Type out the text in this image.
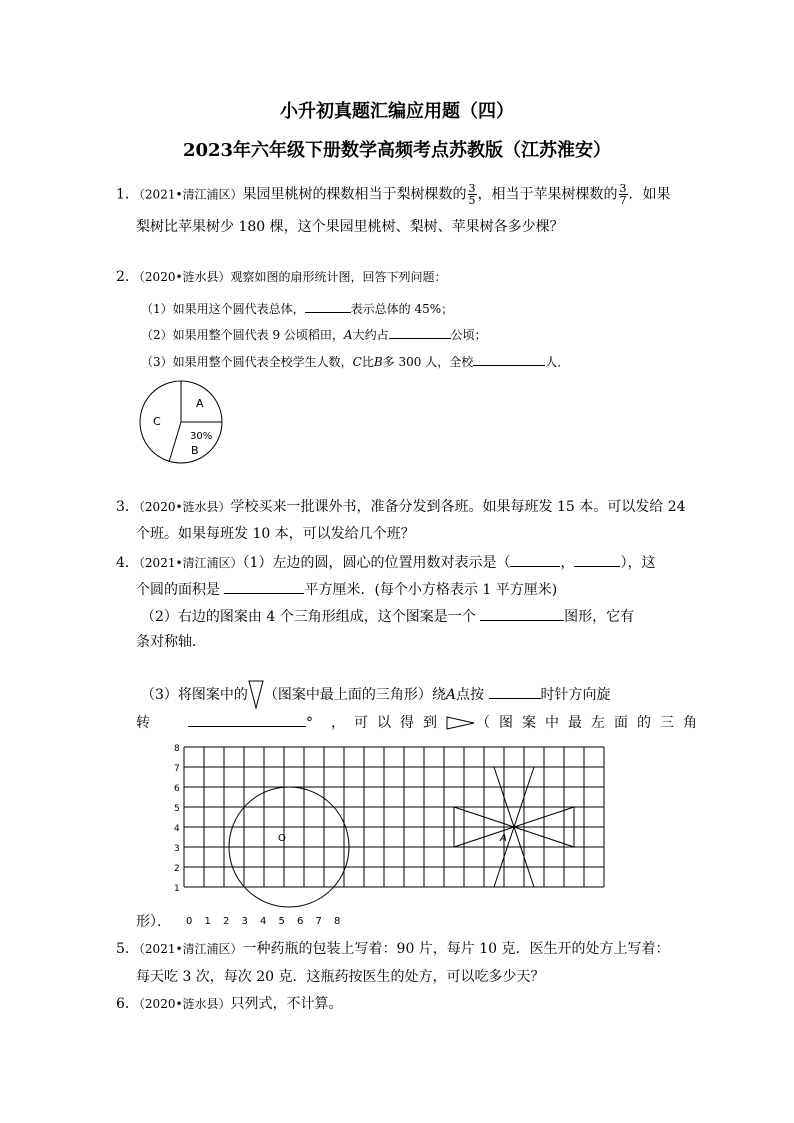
小升初真题汇编应用题（四）
2023年六年级下册数学高频考点苏教版（江苏淮安）
1．（2021•清江浦区）果园里桃树的棵数相当于梨树棵数的 $\frac{3}{5}$ ，相当于苹果树棵数的 $\frac{3}{7}$ ．如果
梨树比苹果树少 180 棵，这个果园里桃树、梨树、苹果树各多少棵？
2．（2020•涟水县）观察如图的扇形统计图，回答下列问题：
（1）如果用这个圆代表总体，	表示总体的 45%；
（2）如果用整个圆代表 9 公顷稻田，A大约占	公顷；
（3）如果用整个圆代表全校学生人数，C比B多 300 人，全校	人．
A
C
30%
B
3．（2020•涟水县）学校买来一批课外书，准备分发到各班。如果每班发 15 本。可以发给 24
个班。如果每班发 10 本，可以发给几个班？
4．（2021•清江浦区）（1）左边的圆，圆心的位置用数对表示是（	，	），这
个圆的面积是	平方厘米．(每个小方格表示 1 平方厘米)
（2）右边的图案由 4 个三角形组成，这个图案是一个	图形，它有
条对称轴．
（3）将图案中的 （图案中最上面的三角形）绕A点按	时针方向旋
转	° ，可以得到 （图案中最左面的三角
O	A
0 1 2 3 4 5 6 7 8
1
2
3
4
5
6
7
8
形）．
5．（2021•清江浦区）一种药瓶的包装上写着：90 片，每片 10 克．医生开的处方上写着：
每天吃 3 次，每次 20 克．这瓶药按医生的处方，可以吃多少天？
6．（2020•涟水县）只列式，不计算。
